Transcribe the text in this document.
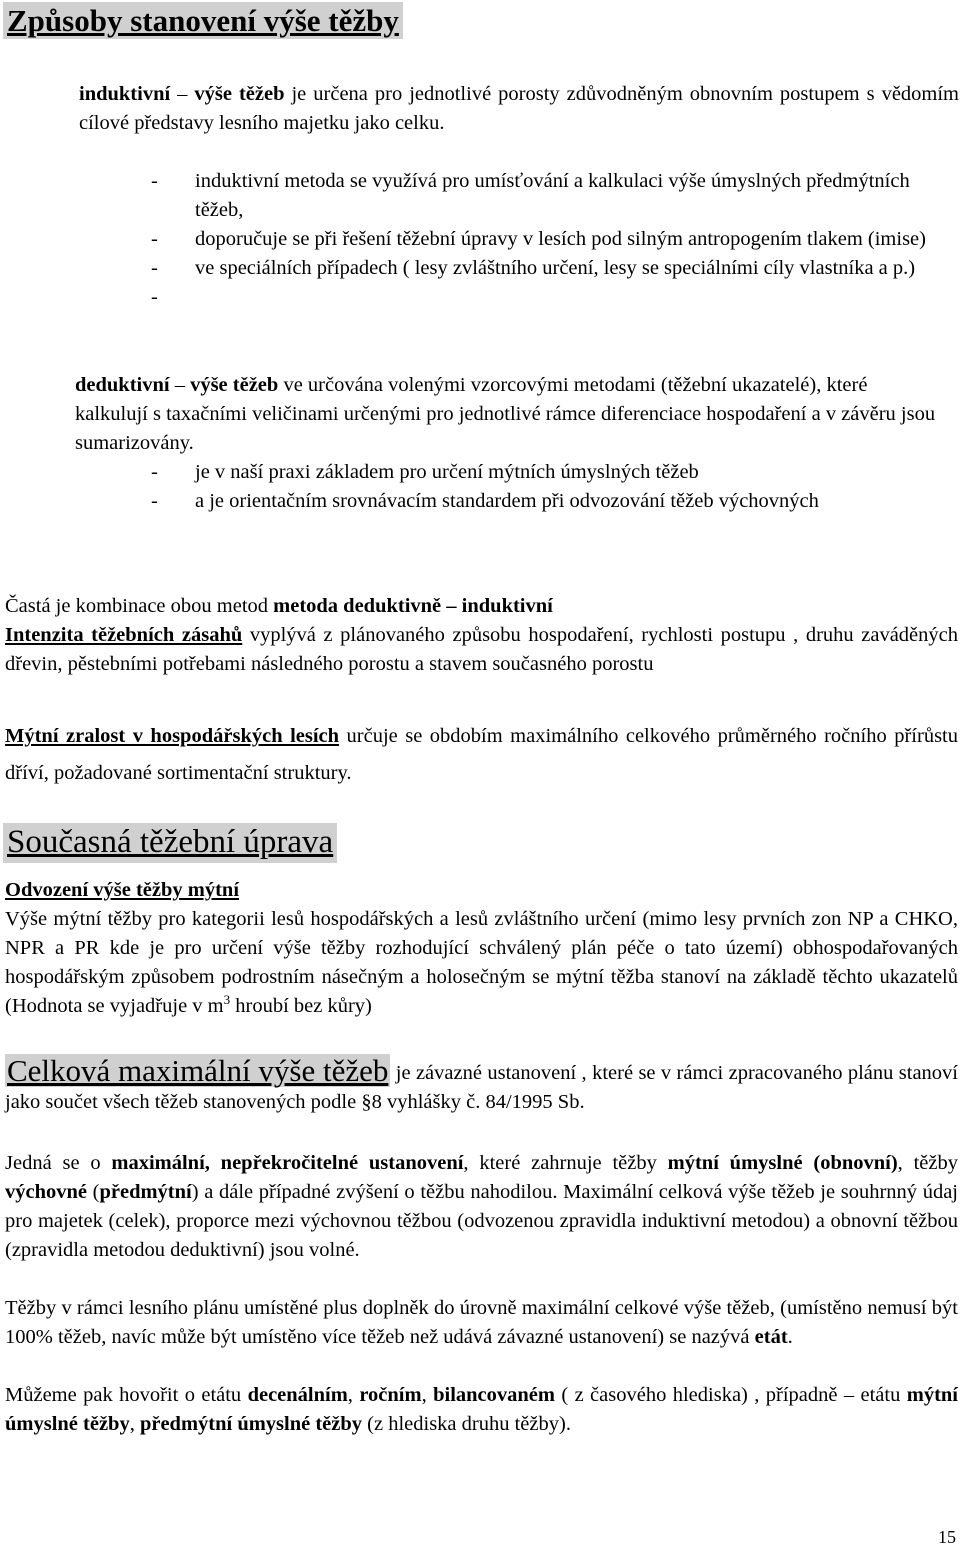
Způsoby stanovení výše těžby

induktivní – výše těžeb je určena pro jednotlivé porosty zdůvodněným obnovním postupem s vědomím cílové představy lesního majetku jako celku.

- induktivní metoda se využívá pro umísťování a kalkulaci výše úmyslných předmýtních těžeb,
- doporučuje se při řešení těžební úpravy v lesích pod silným antropogením tlakem (imise)
- ve speciálních případech ( lesy zvláštního určení, lesy se speciálními cíly vlastníka a p.)
-

deduktivní – výše těžeb ve určována volenými vzorcovými metodami (těžební ukazatelé), které kalkulují s taxačními veličinami určenými pro jednotlivé rámce diferenciace hospodaření a v závěru jsou sumarizovány.

- je v naší praxi základem pro určení mýtních úmyslných těžeb
- a je orientačním srovnávacím standardem při odvozování těžeb výchovných

Častá je kombinace obou metod metoda deduktivně – induktivní

Intenzita těžebních zásahů vyplývá z plánovaného způsobu hospodaření, rychlosti postupu , druhu zaváděných dřevin, pěstebními potřebami následného porostu a stavem současného porostu

Mýtní zralost v hospodářských lesích určuje se obdobím maximálního celkového průměrného ročního přírůstu dříví, požadované sortimentační struktury.

Současná těžební úprava

Odvození výše těžby mýtní

Výše mýtní těžby pro kategorii lesů hospodářských a lesů zvláštního určení (mimo lesy prvních zon NP a CHKO, NPR a PR kde je pro určení výše těžby rozhodující schválený plán péče o tato území) obhospodařovaných hospodářským způsobem podrostním násečným a holosečným se mýtní těžba stanoví na základě těchto ukazatelů (Hodnota se vyjadřuje v $m^3$ hroubí bez kůry)

Celková maximální výše těžeb je závazné ustanovení , které se v rámci zpracovaného plánu stanoví jako součet všech těžeb stanovených podle §8 vyhlášky č. 84/1995 Sb.

Jedná se o maximální, nepřekročitelné ustanovení, které zahrnuje těžby mýtní úmyslné (obnovní), těžby výchovné (předmýtní) a dále případné zvýšení o těžbu nahodilou. Maximální celková výše těžeb je souhrnný údaj pro majetek (celek), proporce mezi výchovnou těžbou (odvozenou zpravidla induktivní metodou) a obnovní těžbou (zpravidla metodou deduktivní) jsou volné.

Těžby v rámci lesního plánu umístěné plus doplněk do úrovně maximální celkové výše těžeb, (umístěno nemusí být 100% těžeb, navíc může být umístěno více těžeb než udává závazné ustanovení) se nazývá etát.

Můžeme pak hovořit o etátu decenálním, ročním, bilancovaném ( z časového hlediska) , případně – etátu mýtní úmyslné těžby, předmýtní úmyslné těžby (z hlediska druhu těžby).

15
